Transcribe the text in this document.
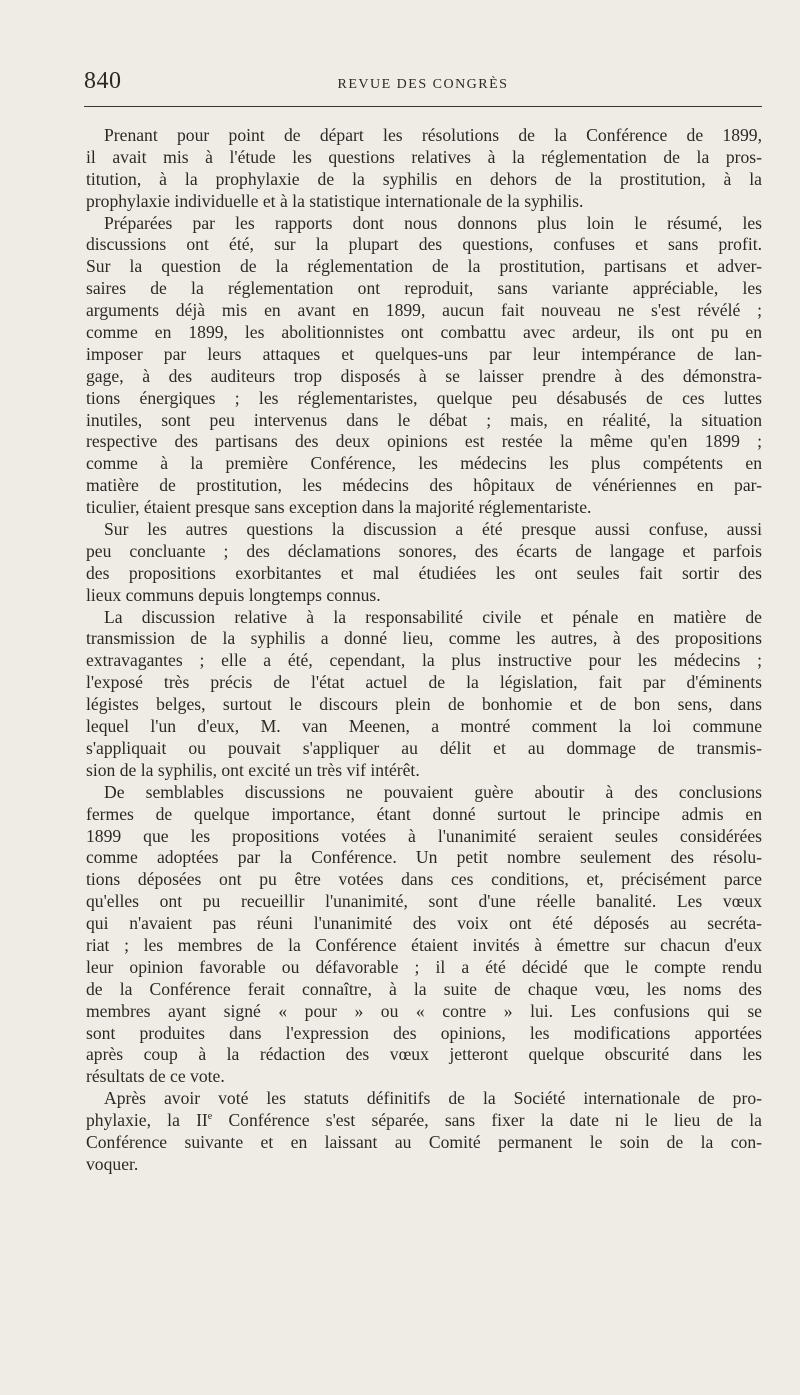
840	REVUE DES CONGRÈS
Prenant pour point de départ les résolutions de la Conférence de 1899,
il avait mis à l'étude les questions relatives à la réglementation de la pros-
titution, à la prophylaxie de la syphilis en dehors de la prostitution, à la
prophylaxie individuelle et à la statistique internationale de la syphilis.
Préparées par les rapports dont nous donnons plus loin le résumé, les
discussions ont été, sur la plupart des questions, confuses et sans profit.
Sur la question de la réglementation de la prostitution, partisans et adver-
saires de la réglementation ont reproduit, sans variante appréciable, les
arguments déjà mis en avant en 1899, aucun fait nouveau ne s'est révélé ;
comme en 1899, les abolitionnistes ont combattu avec ardeur, ils ont pu en
imposer par leurs attaques et quelques-uns par leur intempérance de lan-
gage, à des auditeurs trop disposés à se laisser prendre à des démonstra-
tions énergiques ; les réglementaristes, quelque peu désabusés de ces luttes
inutiles, sont peu intervenus dans le débat ; mais, en réalité, la situation
respective des partisans des deux opinions est restée la même qu'en 1899 ;
comme à la première Conférence, les médecins les plus compétents en
matière de prostitution, les médecins des hôpitaux de vénériennes en par-
ticulier, étaient presque sans exception dans la majorité réglementariste.
Sur les autres questions la discussion a été presque aussi confuse, aussi
peu concluante ; des déclamations sonores, des écarts de langage et parfois
des propositions exorbitantes et mal étudiées les ont seules fait sortir des
lieux communs depuis longtemps connus.
La discussion relative à la responsabilité civile et pénale en matière de
transmission de la syphilis a donné lieu, comme les autres, à des propositions
extravagantes ; elle a été, cependant, la plus instructive pour les médecins ;
l'exposé très précis de l'état actuel de la législation, fait par d'éminents
légistes belges, surtout le discours plein de bonhomie et de bon sens, dans
lequel l'un d'eux, M. van Meenen, a montré comment la loi commune
s'appliquait ou pouvait s'appliquer au délit et au dommage de transmis-
sion de la syphilis, ont excité un très vif intérêt.
De semblables discussions ne pouvaient guère aboutir à des conclusions
fermes de quelque importance, étant donné surtout le principe admis en
1899 que les propositions votées à l'unanimité seraient seules considérées
comme adoptées par la Conférence. Un petit nombre seulement des résolu-
tions déposées ont pu être votées dans ces conditions, et, précisément parce
qu'elles ont pu recueillir l'unanimité, sont d'une réelle banalité. Les vœux
qui n'avaient pas réuni l'unanimité des voix ont été déposés au secréta-
riat ; les membres de la Conférence étaient invités à émettre sur chacun d'eux
leur opinion favorable ou défavorable ; il a été décidé que le compte rendu
de la Conférence ferait connaître, à la suite de chaque vœu, les noms des
membres ayant signé « pour » ou « contre » lui. Les confusions qui se
sont produites dans l'expression des opinions, les modifications apportées
après coup à la rédaction des vœux jetteront quelque obscurité dans les
résultats de ce vote.
Après avoir voté les statuts définitifs de la Société internationale de pro-
phylaxie, la IIe Conférence s'est séparée, sans fixer la date ni le lieu de la
Conférence suivante et en laissant au Comité permanent le soin de la con-
voquer.
